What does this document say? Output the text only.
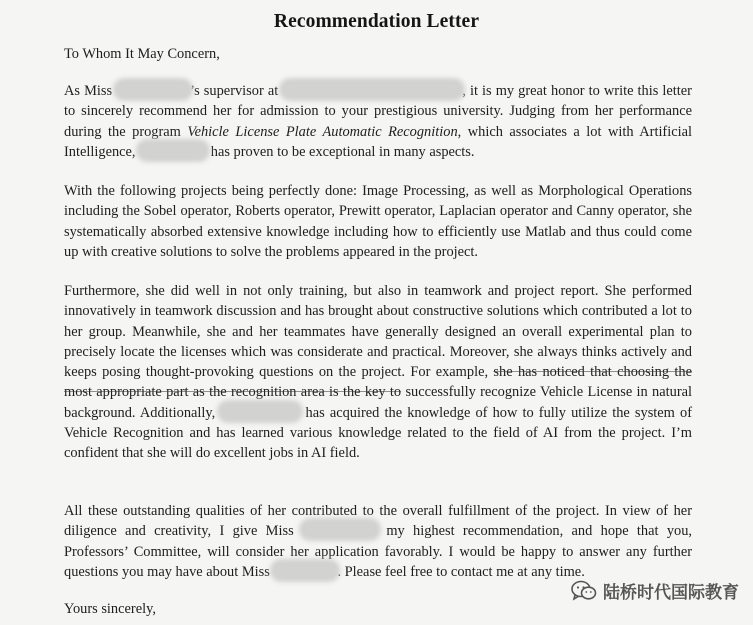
Recommendation Letter

To Whom It May Concern,

As Miss	’s supervisor at	, it is my great honor to write this letter to sincerely recommend her for admission to your prestigious university. Judging from her performance during the program Vehicle License Plate Automatic Recognition, which associates a lot with Artificial Intelligence,	has proven to be exceptional in many aspects.

With the following projects being perfectly done: Image Processing, as well as Morphological Operations including the Sobel operator, Roberts operator, Prewitt operator, Laplacian operator and Canny operator, she systematically absorbed extensive knowledge including how to efficiently use Matlab and thus could come up with creative solutions to solve the problems appeared in the project.

Furthermore, she did well in not only training, but also in teamwork and project report. She performed innovatively in teamwork discussion and has brought about constructive solutions which contributed a lot to her group. Meanwhile, she and her teammates have generally designed an overall experimental plan to precisely locate the licenses which was considerate and practical. Moreover, she always thinks actively and keeps posing thought-provoking questions on the project. For example, she has noticed that choosing the most appropriate part as the recognition area is the key to successfully recognize Vehicle License in natural background. Additionally,	has acquired the knowledge of how to fully utilize the system of Vehicle Recognition and has learned various knowledge related to the field of AI from the project. I’m confident that she will do excellent jobs in AI field.

All these outstanding qualities of her contributed to the overall fulfillment of the project. In view of her diligence and creativity, I give Miss	my highest recommendation, and hope that you, Professors’ Committee, will consider her application favorably. I would be happy to answer any further questions you may have about Miss	. Please feel free to contact me at any time.

Yours sincerely,

陆桥时代国际教育
